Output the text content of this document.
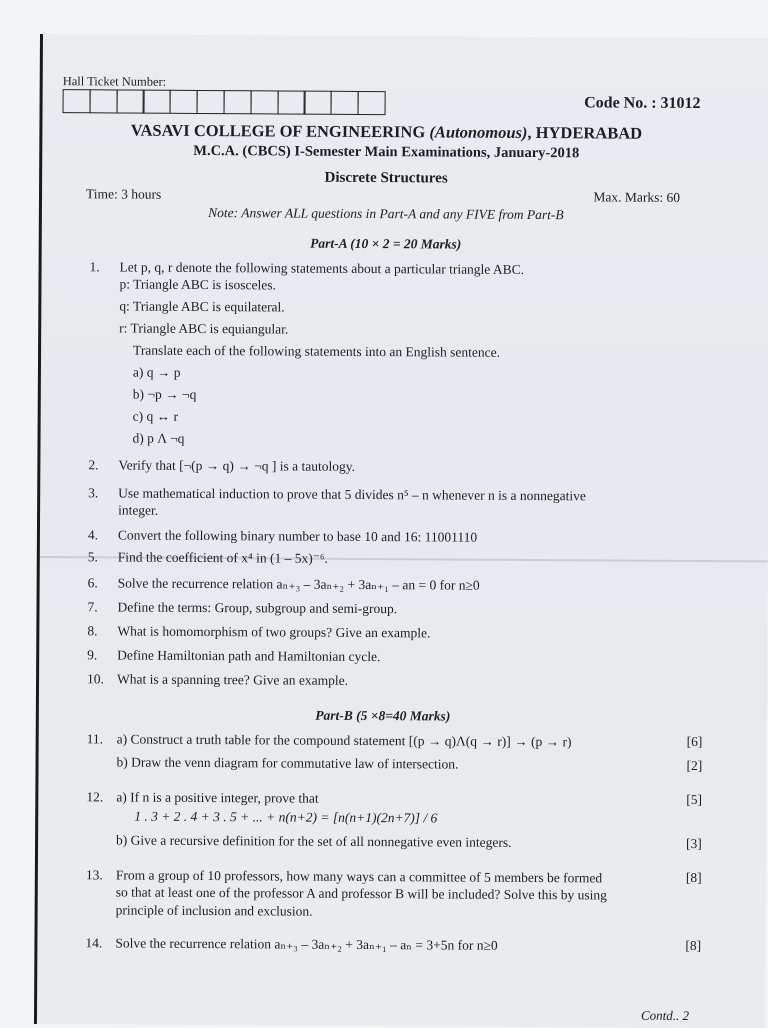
Hall Ticket Number:
Code No. : 31012
VASAVI COLLEGE OF ENGINEERING (Autonomous), HYDERABAD
M.C.A. (CBCS) I-Semester Main Examinations, January-2018
Discrete Structures
Time: 3 hours	Max. Marks: 60
Note: Answer ALL questions in Part-A and any FIVE from Part-B
Part-A (10 × 2 = 20 Marks)
1.	Let p, q, r denote the following statements about a particular triangle ABC.
p: Triangle ABC is isosceles.
q: Triangle ABC is equilateral.
r: Triangle ABC is equiangular.
Translate each of the following statements into an English sentence.
a) q → p
b) ¬p → ¬q
c) q ↔ r
d) p Λ ¬q
2.	Verify that [¬(p → q) → ¬q ] is a tautology.
3.	Use mathematical induction to prove that 5 divides n⁵ – n whenever n is a nonnegative
integer.
4.	Convert the following binary number to base 10 and 16: 11001110
5.	Find the coefficient of x⁴ in (1 – 5x)⁻⁶.
6.	Solve the recurrence relation aₙ₊₃ – 3aₙ₊₂ + 3aₙ₊₁ – an = 0 for n≥0
7.	Define the terms: Group, subgroup and semi-group.
8.	What is homomorphism of two groups? Give an example.
9.	Define Hamiltonian path and Hamiltonian cycle.
10. What is a spanning tree? Give an example.
Part-B (5 ×8=40 Marks)
11.	a) Construct a truth table for the compound statement [(p → q)Λ(q → r)] → (p → r)	[6]
b) Draw the venn diagram for commutative law of intersection.	[2]
12. a) If n is a positive integer, prove that	[5]
1 . 3 + 2 . 4 + 3 . 5 + ... + n(n+2) = [n(n+1)(2n+7)] / 6
b) Give a recursive definition for the set of all nonnegative even integers.	[3]
13. From a group of 10 professors, how many ways can a committee of 5 members be formed	[8]
so that at least one of the professor A and professor B will be included? Solve this by using
principle of inclusion and exclusion.
14. Solve the recurrence relation aₙ₊₃ – 3aₙ₊₂ + 3aₙ₊₁ – aₙ = 3+5n for n≥0	[8]
Contd.. 2
